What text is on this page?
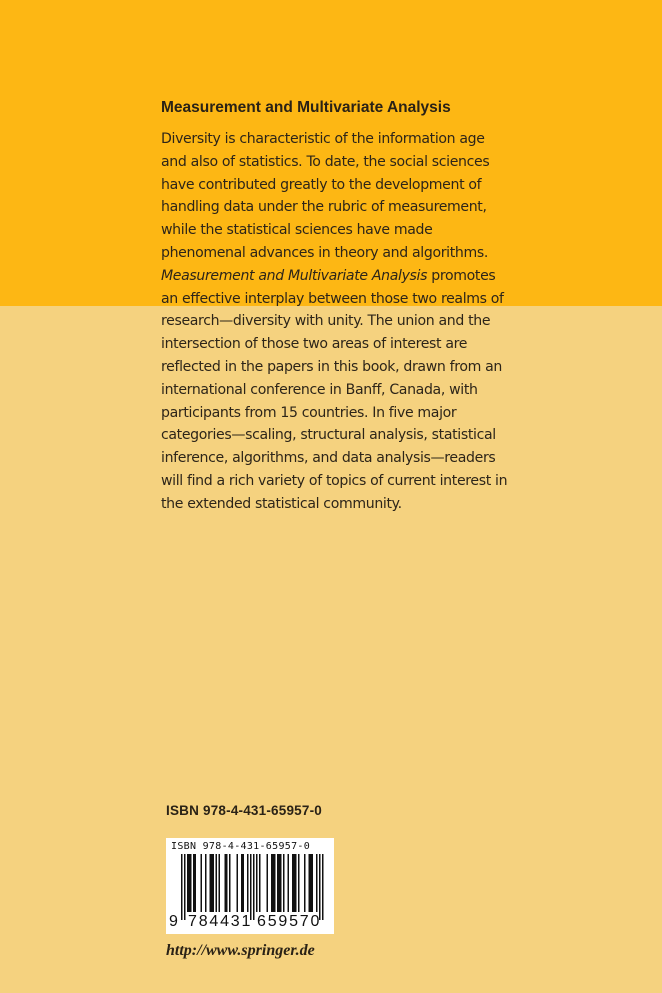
Measurement and Multivariate Analysis

Diversity is characteristic of the information age and also of statistics. To date, the social sciences have contributed greatly to the development of handling data under the rubric of measurement, while the statistical sciences have made phenomenal advances in theory and algorithms. Measurement and Multivariate Analysis promotes an effective interplay between those two realms of research—diversity with unity. The union and the intersection of those two areas of interest are reflected in the papers in this book, drawn from an international conference in Banff, Canada, with participants from 15 countries. In five major categories—scaling, structural analysis, statistical inference, algorithms, and data analysis—readers will find a rich variety of topics of current interest in the extended statistical community.

ISBN 978-4-431-65957-0
ISBN 978-4-431-65957-0
9 784431 659570
http://www.springer.de
